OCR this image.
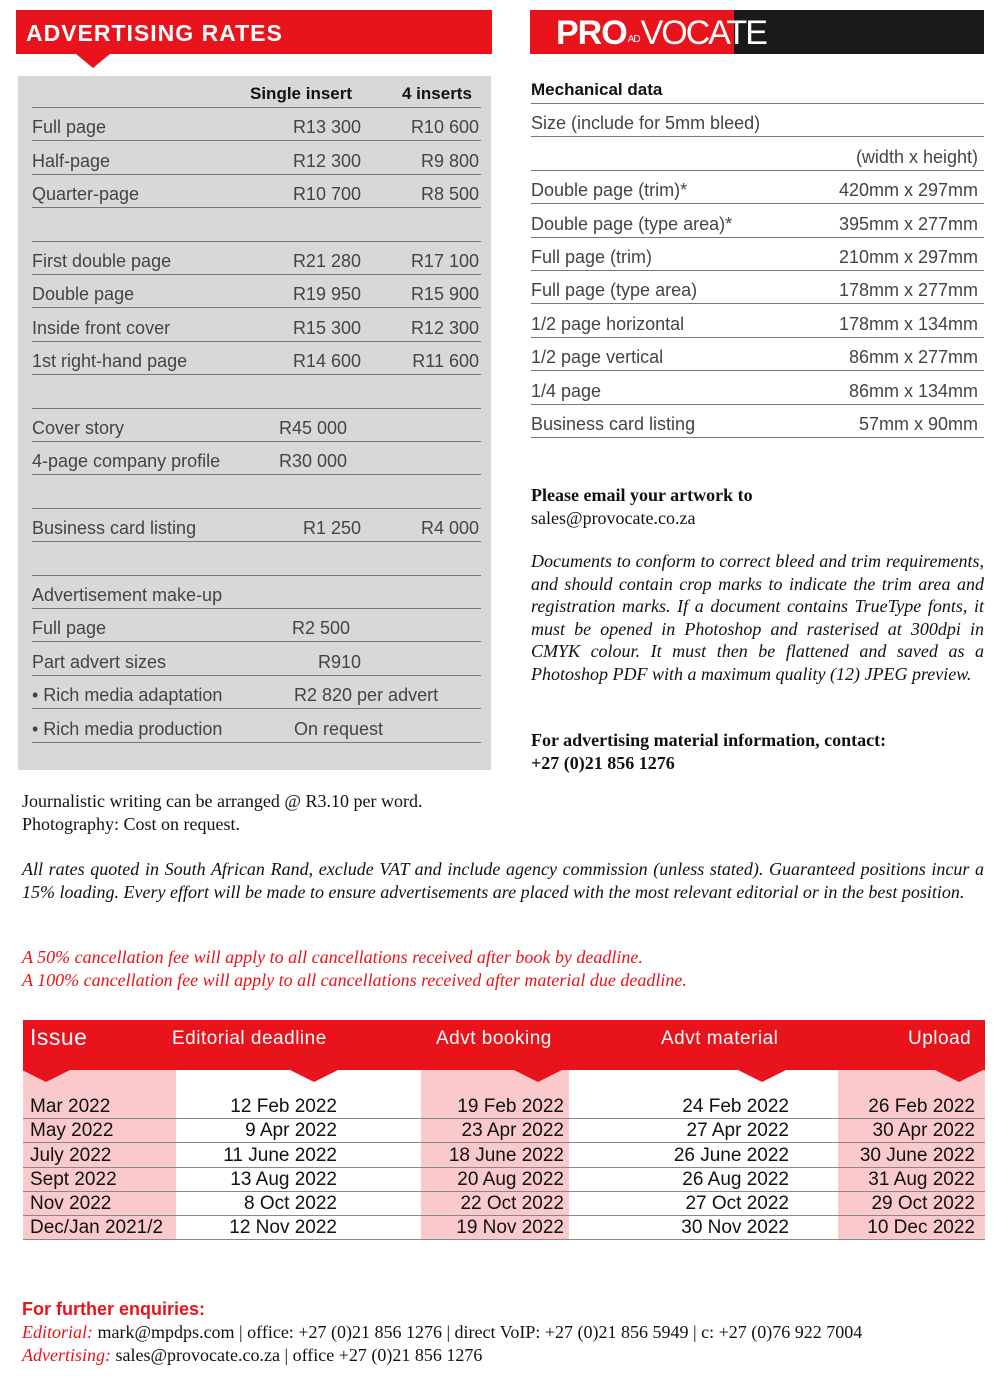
ADVERTISING RATES	PROADVOCATE
Single insert	4 inserts
Full page	R13 300	R10 600
Half-page	R12 300	R9 800
Quarter-page	R10 700	R8 500
First double page	R21 280	R17 100
Double page	R19 950	R15 900
Inside front cover	R15 300	R12 300
1st right-hand page	R14 600	R11 600
Cover story	R45 000
4-page company profile	R30 000
Business card listing	R1 250	R4 000
Advertisement make-up
Full page	R2 500
Part advert sizes	R910
• Rich media adaptation	R2 820 per advert
• Rich media production	On request
Mechanical data
Size (include for 5mm bleed)
(width x height)
Double page (trim)*	420mm x 297mm
Double page (type area)*	395mm x 277mm
Full page (trim)	210mm x 297mm
Full page (type area)	178mm x 277mm
1/2 page horizontal	178mm x 134mm
1/2 page vertical	86mm x 277mm
1/4 page	86mm x 134mm
Business card listing	57mm x 90mm
Please email your artwork to
sales@provocate.co.za
Documents to conform to correct bleed and trim requirements, and should contain crop marks to indicate the trim area and registration marks. If a document contains TrueType fonts, it must be opened in Photoshop and rasterised at 300dpi in CMYK colour. It must then be flattened and saved as a Photoshop PDF with a maximum quality (12) JPEG preview.
For advertising material information, contact:
+27 (0)21 856 1276
Journalistic writing can be arranged @ R3.10 per word.
Photography: Cost on request.
All rates quoted in South African Rand, exclude VAT and include agency commission (unless stated). Guaranteed positions incur a 15% loading. Every effort will be made to ensure advertisements are placed with the most relevant editorial or in the best position.
A 50% cancellation fee will apply to all cancellations received after book by deadline.
A 100% cancellation fee will apply to all cancellations received after material due deadline.
Issue	Editorial deadline	Advt booking	Advt material	Upload
Mar 2022	12 Feb 2022	19 Feb 2022	24 Feb 2022	26 Feb 2022
May 2022	9 Apr 2022	23 Apr 2022	27 Apr 2022	30 Apr 2022
July 2022	11 June 2022	18 June 2022	26 June 2022	30 June 2022
Sept 2022	13 Aug 2022	20 Aug 2022	26 Aug 2022	31 Aug 2022
Nov 2022	8 Oct 2022	22 Oct 2022	27 Oct 2022	29 Oct 2022
Dec/Jan 2021/2	12 Nov 2022	19 Nov 2022	30 Nov 2022	10 Dec 2022
For further enquiries:
Editorial: mark@mpdps.com | office: +27 (0)21 856 1276 | direct VoIP: +27 (0)21 856 5949 | c: +27 (0)76 922 7004
Advertising: sales@provocate.co.za | office +27 (0)21 856 1276
